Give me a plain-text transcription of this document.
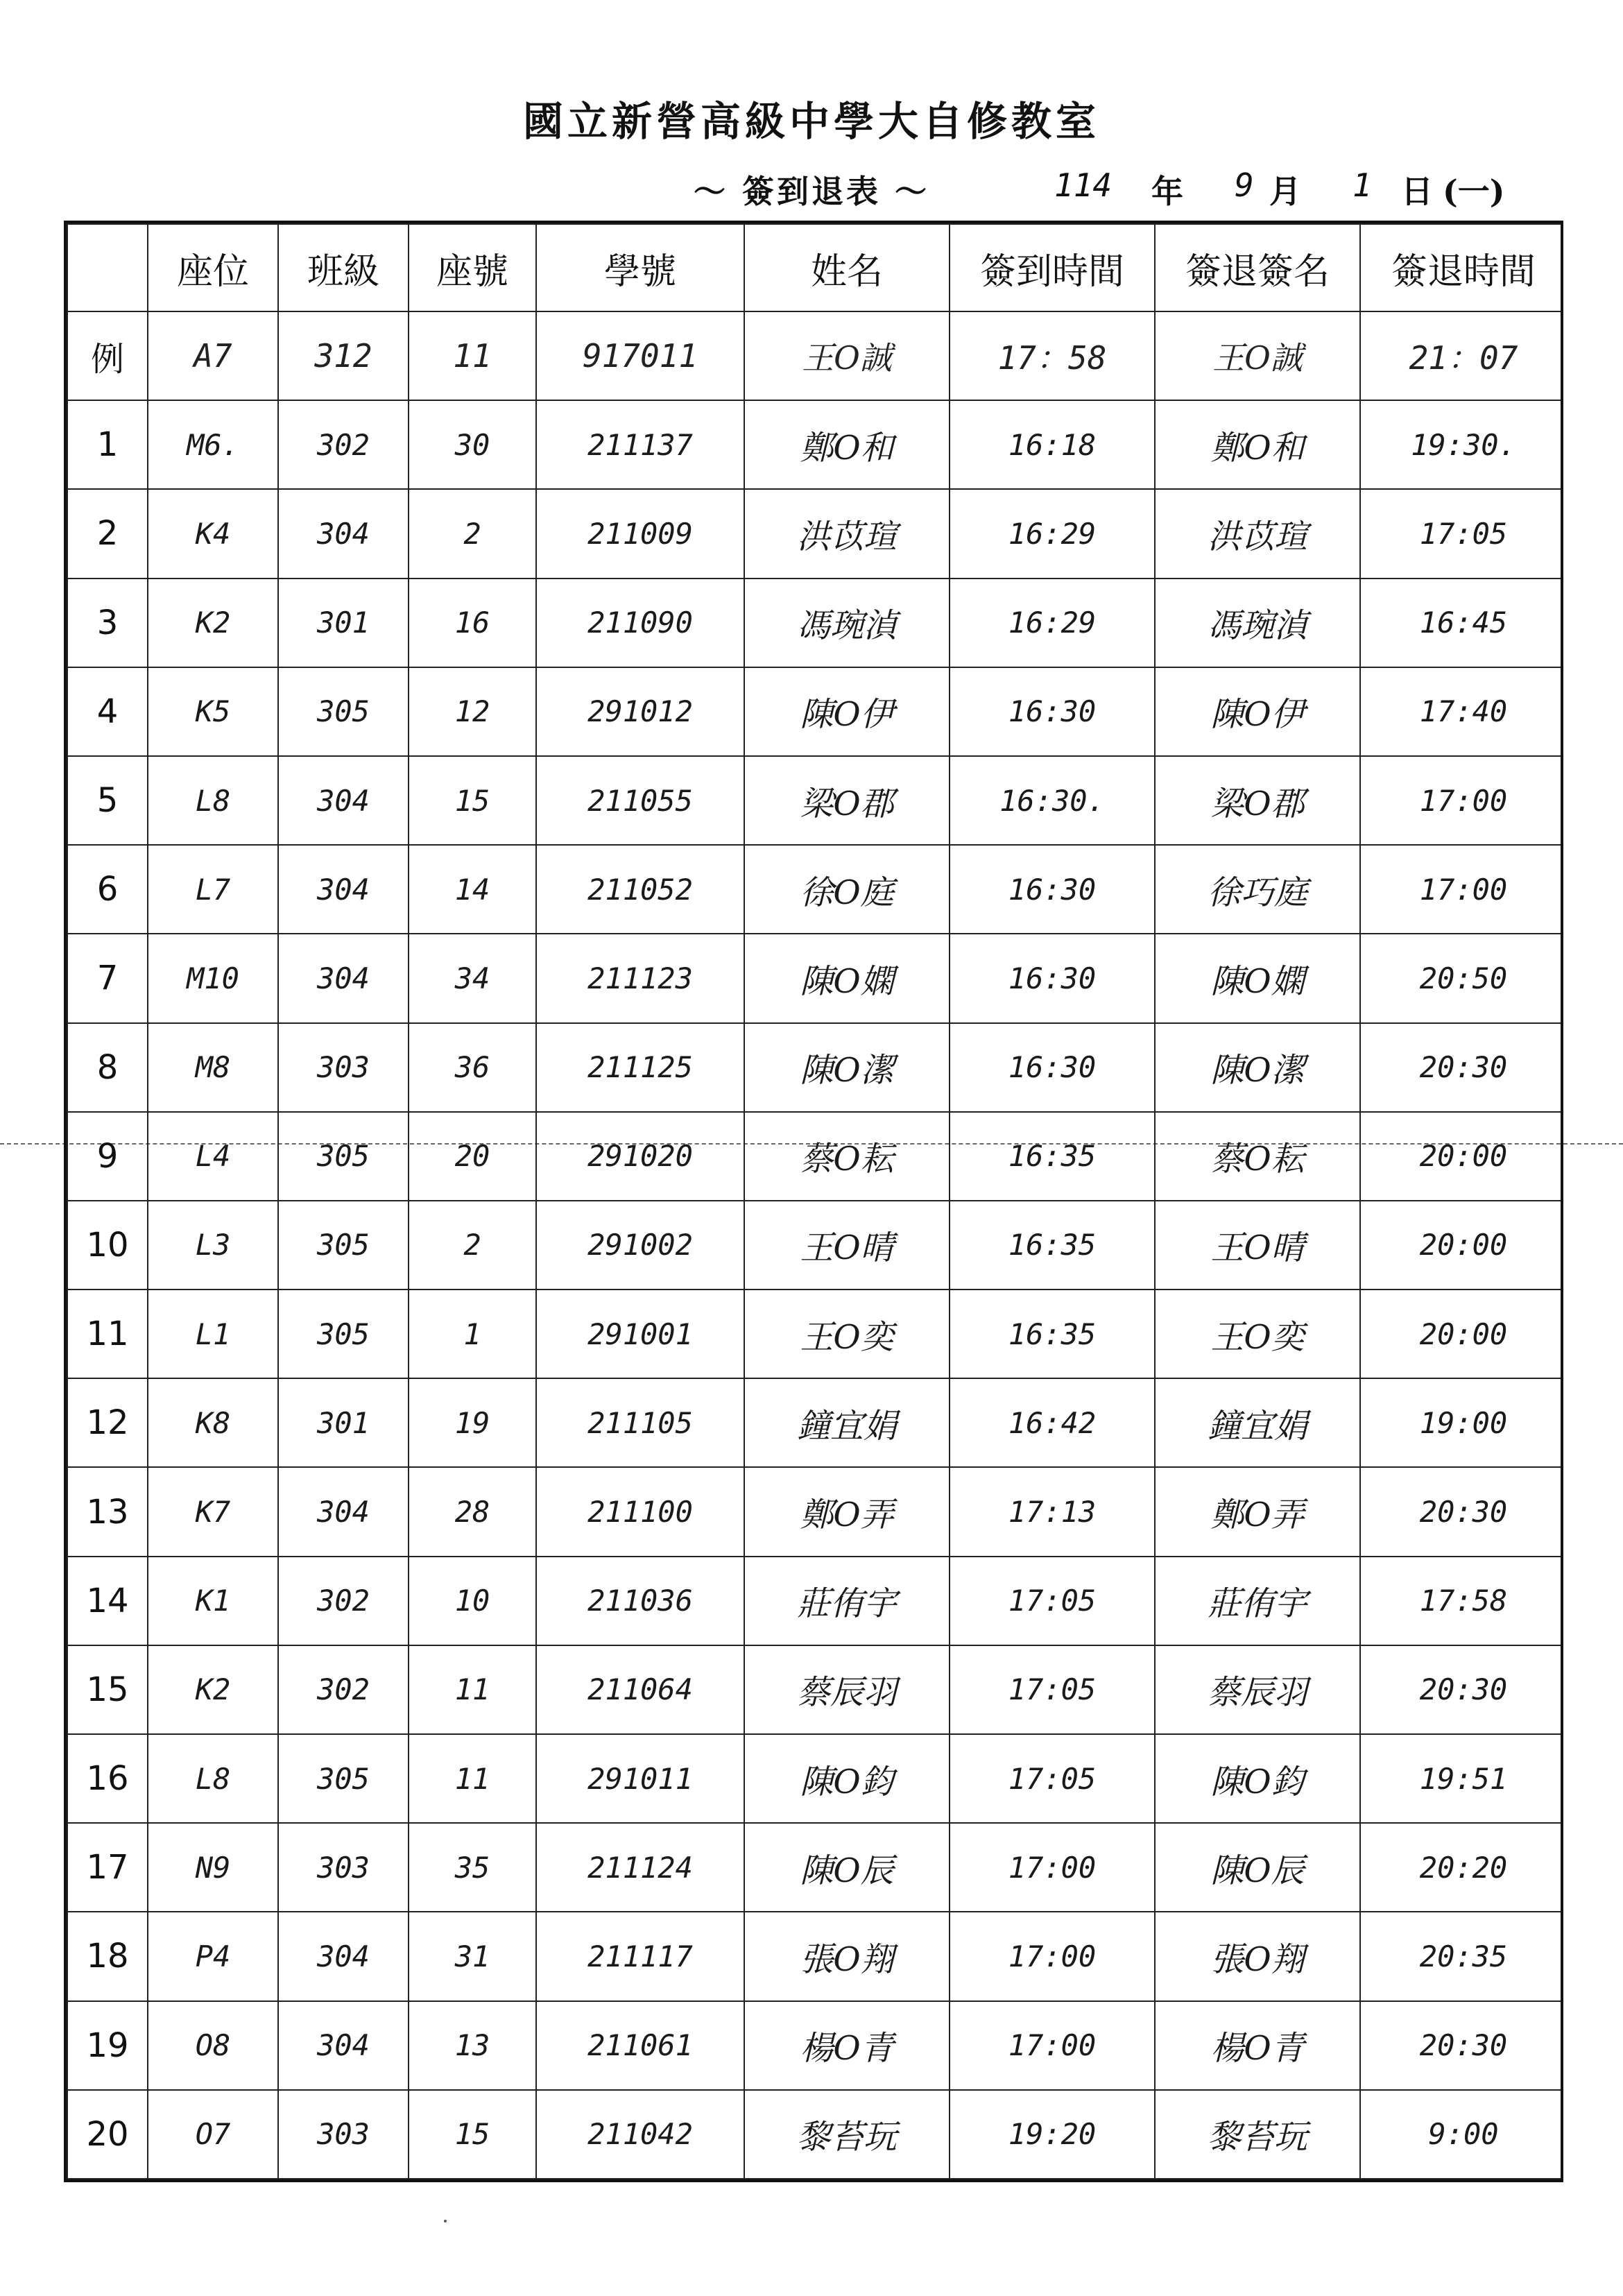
國立新營高級中學大自修教室
～ 簽到退表 ～	114 年 9 月 1 日 (一)
	座位	班級	座號	學號	姓名	簽到時間	簽退簽名	簽退時間
例	A7	312	11	917011	王O誠	17：58	王O誠	21：07
1	M6.	302	30	211137	鄭O和	16:18	鄭O和	19:30.
2	K4	304	2	211009	洪苡瑄	16:29	洪苡瑄	17:05
3	K2	301	16	211090	馮琬湞	16:29	馮琬湞	16:45
4	K5	305	12	291012	陳O伊	16:30	陳O伊	17:40
5	L8	304	15	211055	梁O郡	16:30.	梁O郡	17:00
6	L7	304	14	211052	徐O庭	16:30	徐巧庭	17:00
7	M10	304	34	211123	陳O嫻	16:30	陳O嫻	20:50
8	M8	303	36	211125	陳O潔	16:30	陳O潔	20:30
9	L4	305	20	291020	蔡O耘	16:35	蔡O耘	20:00
10	L3	305	2	291002	王O晴	16:35	王O晴	20:00
11	L1	305	1	291001	王O奕	16:35	王O奕	20:00
12	K8	301	19	211105	鐘宜娟	16:42	鐘宜娟	19:00
13	K7	304	28	211100	鄭O弄	17:13	鄭O弄	20:30
14	K1	302	10	211036	莊侑宇	17:05	莊侑宇	17:58
15	K2	302	11	211064	蔡辰羽	17:05	蔡辰羽	20:30
16	L8	305	11	291011	陳O鈞	17:05	陳O鈞	19:51
17	N9	303	35	211124	陳O辰	17:00	陳O辰	20:20
18	P4	304	31	211117	張O翔	17:00	張O翔	20:35
19	O8	304	13	211061	楊O青	17:00	楊O青	20:30
20	O7	303	15	211042	黎苔玩	19:20	黎苔玩	9:00
